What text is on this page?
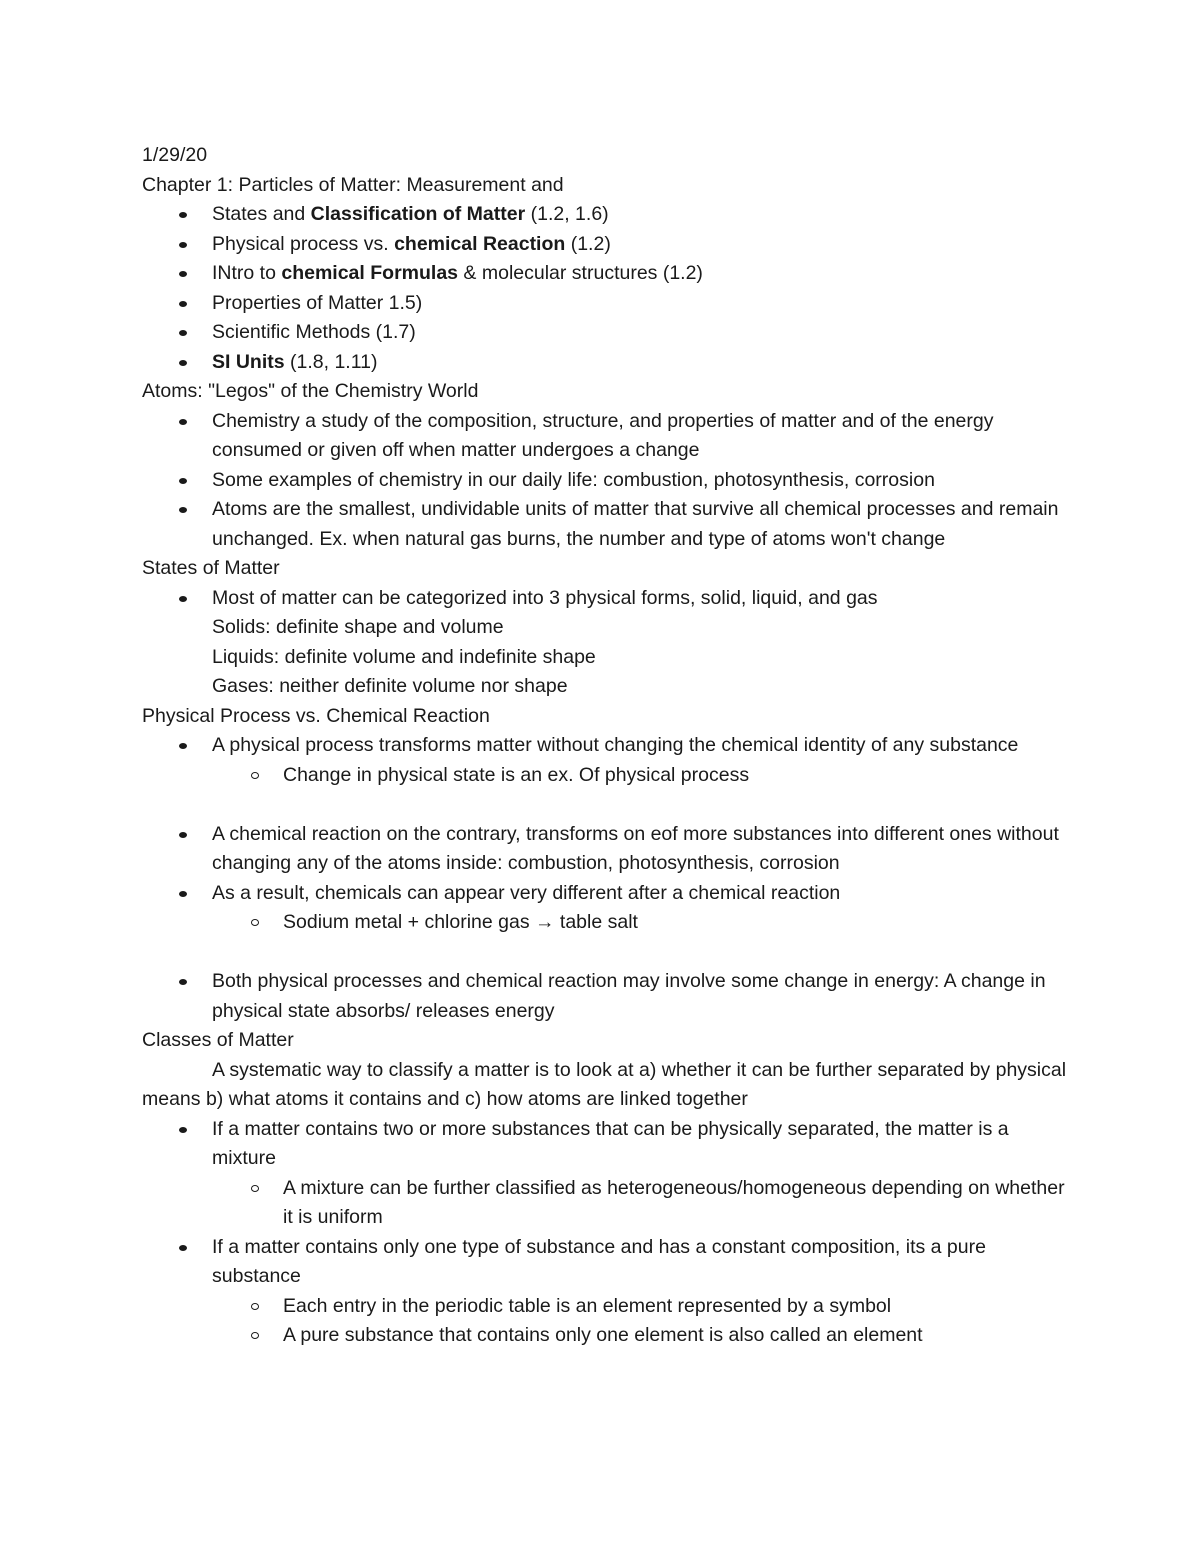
1/29/20

Chapter 1: Particles of Matter: Measurement and

States and Classification of Matter (1.2, 1.6)
Physical process vs. chemical Reaction (1.2)
INtro to chemical Formulas & molecular structures (1.2)
Properties of Matter 1.5)
Scientific Methods (1.7)
SI Units (1.8, 1.11)

Atoms: "Legos" of the Chemistry World

Chemistry a study of the composition, structure, and properties of matter and of the energy consumed or given off when matter undergoes a change
Some examples of chemistry in our daily life: combustion, photosynthesis, corrosion
Atoms are the smallest, undividable units of matter that survive all chemical processes and remain unchanged. Ex. when natural gas burns, the number and type of atoms won't change

States of Matter

Most of matter can be categorized into 3 physical forms, solid, liquid, and gas

Solids: definite shape and volume

Liquids: definite volume and indefinite shape

Gases: neither definite volume nor shape

Physical Process vs. Chemical Reaction

A physical process transforms matter without changing the chemical identity of any substance
Change in physical state is an ex. Of physical process
A chemical reaction on the contrary, transforms on eof more substances into different ones without changing any of the atoms inside: combustion, photosynthesis, corrosion
As a result, chemicals can appear very different after a chemical reaction
Sodium metal + chlorine gas → table salt
Both physical processes and chemical reaction may involve some change in energy: A change in physical state absorbs/ releases energy

Classes of Matter

A systematic way to classify a matter is to look at a) whether it can be further separated by physical means b) what atoms it contains and c) how atoms are linked together

If a matter contains two or more substances that can be physically separated, the matter is a mixture
A mixture can be further classified as heterogeneous/homogeneous depending on whether it is uniform
If a matter contains only one type of substance and has a constant composition, its a pure substance
Each entry in the periodic table is an element represented by a symbol
A pure substance that contains only one element is also called an element
